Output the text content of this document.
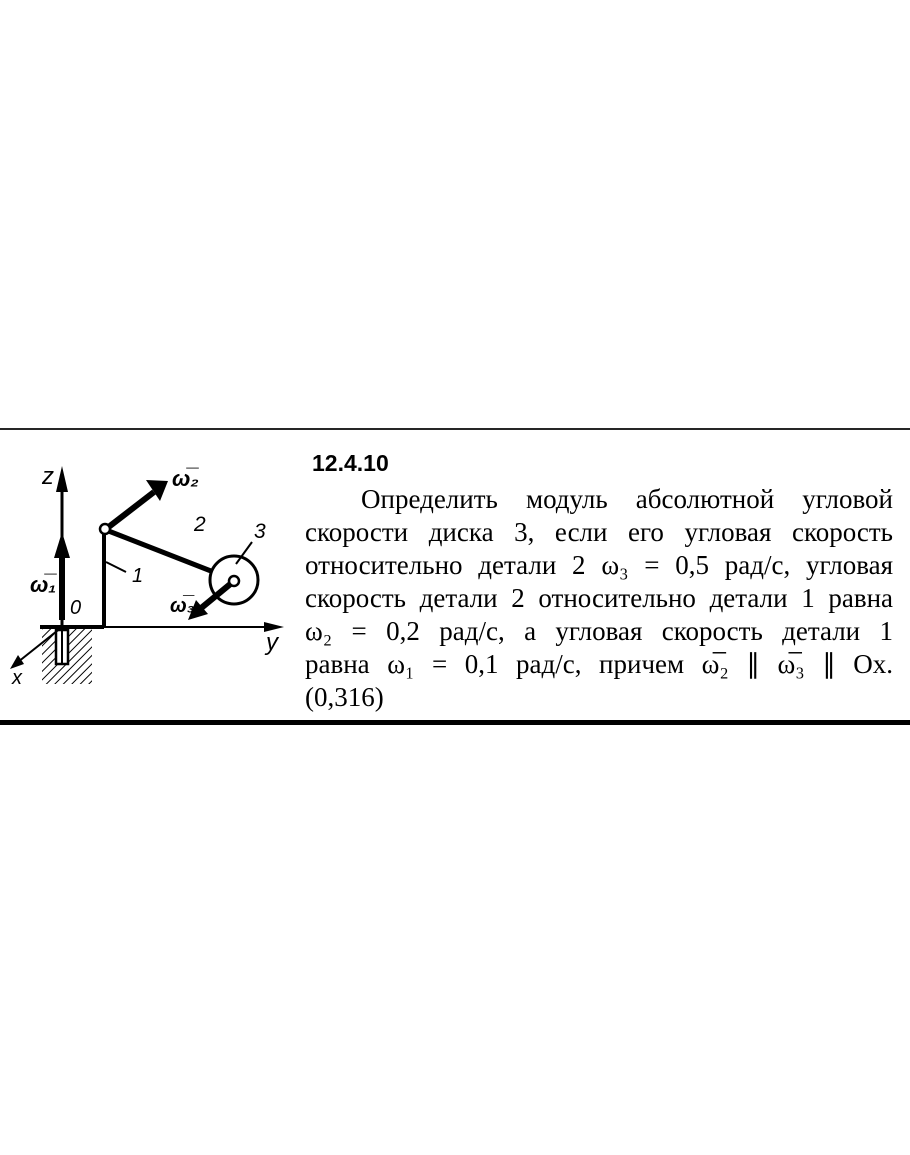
z
y
x
0
ω̅₁
ω̅₂
ω̅₃
1
2 3
12.4.10
Определить модуль абсолютной угловой
скорости диска 3, если его угловая скорость
относительно детали 2 ω₃ = 0,5 рад/с, угловая
скорость детали 2 относительно детали 1 равна
ω₂ = 0,2 рад/с, а угловая скорость детали 1
равна ω₁ = 0,1 рад/с, причем ω̅₂ ∥ ω̅₃ ∥ Ox.
(0,316)
